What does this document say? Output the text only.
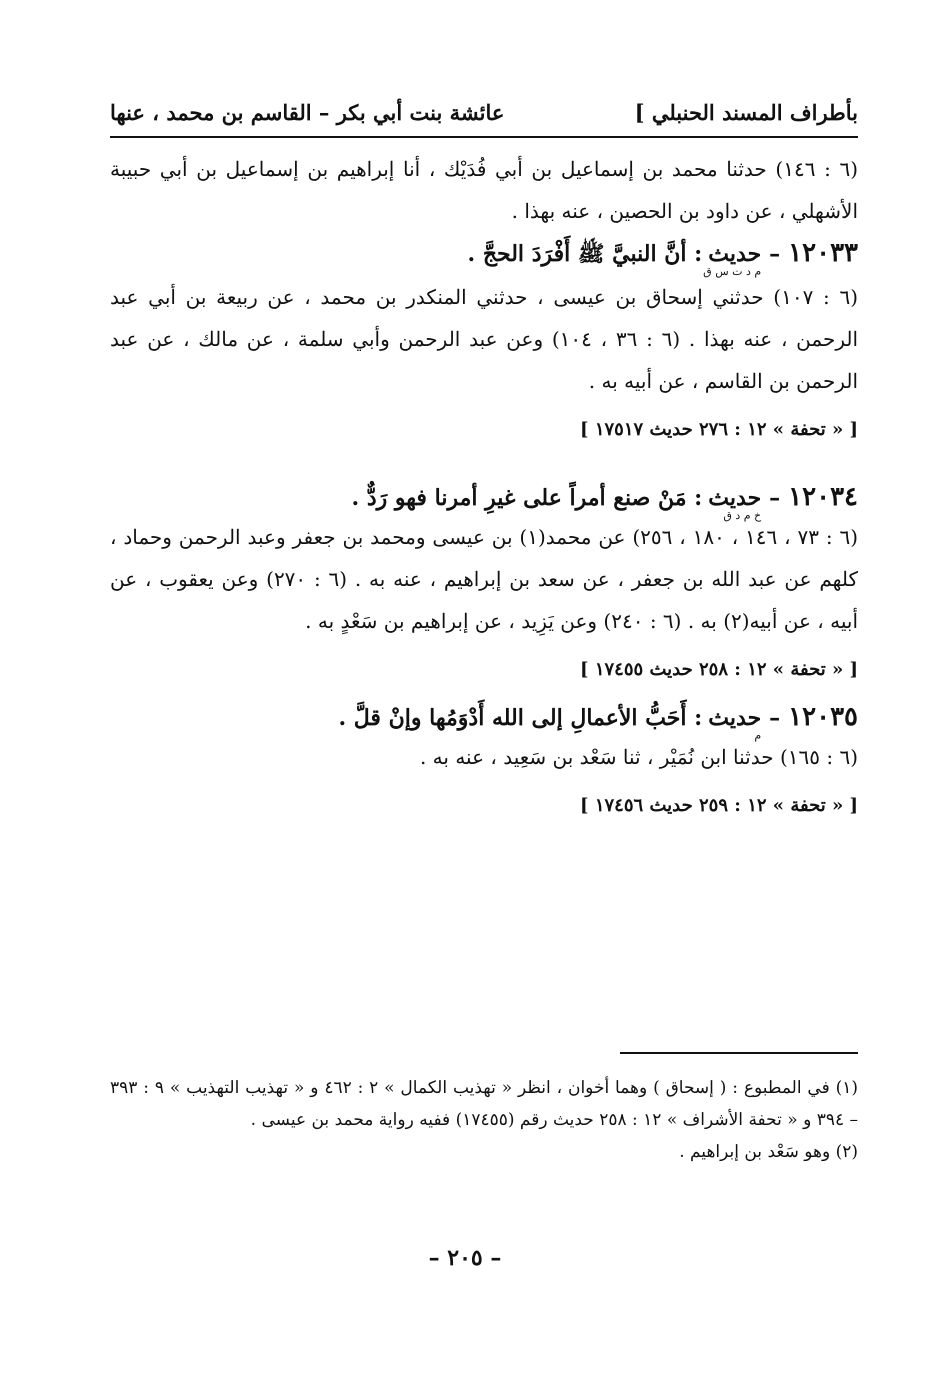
بأطراف المسند الحنبلي ]
عائشة بنت أبي بكر – القاسم بن محمد ، عنها

(٦ : ١٤٦) حدثنا محمد بن إسماعيل بن أبي فُدَيْك ، أنا إبراهيم بن إسماعيل بن أبي حبيبة الأشهلي ، عن داود بن الحصين ، عنه بهذا .

١٢٠٣٣
–
حديث
م د ت س ق
: أنَّ النبيَّ ﷺ أَفْرَدَ الحجَّ .

(٦ : ١٠٧) حدثني إسحاق بن عيسى ، حدثني المنكدر بن محمد ، عن ربيعة بن أبي عبد الرحمن ، عنه بهذا . (٦ : ٣٦ ، ١٠٤) وعن عبد الرحمن وأبي سلمة ، عن مالك ، عن عبد الرحمن بن القاسم ، عن أبيه به .

[ « تحفة » ١٢ : ٢٧٦ حديث ١٧٥١٧ ]
١٢٠٣٤
–
حديث
خ م د ق
: مَنْ صنع أمراً على غيرِ أمرنا فهو رَدٌّ .

(٦ : ٧٣ ، ١٤٦ ، ١٨٠ ، ٢٥٦) عن محمد(١) بن عيسى ومحمد بن جعفر وعبد الرحمن وحماد ، كلهم عن عبد الله بن جعفر ، عن سعد بن إبراهيم ، عنه به . (٦ : ٢٧٠) وعن يعقوب ، عن أبيه ، عن أبيه(٢) به . (٦ : ٢٤٠) وعن يَزِيد ، عن إبراهيم بن سَعْدٍ به .

[ « تحفة » ١٢ : ٢٥٨ حديث ١٧٤٥٥ ]
١٢٠٣٥
–
حديث
م
: أَحَبُّ الأعمالِ إلى الله أَدْوَمُها وإنْ قلَّ .

(٦ : ١٦٥) حدثنا ابن نُمَيْر ، ثنا سَعْد بن سَعِيد ، عنه به .

[ « تحفة » ١٢ : ٢٥٩ حديث ١٧٤٥٦ ]

(١) في المطبوع : ( إسحاق ) وهما أخوان ، انظر « تهذيب الكمال » ٢ : ٤٦٢ و « تهذيب التهذيب » ٩ : ٣٩٣ – ٣٩٤ و « تحفة الأشراف » ١٢ : ٢٥٨ حديث رقم (١٧٤٥٥) ففيه رواية محمد بن عيسى .

(٢) وهو سَعْد بن إبراهيم .

– ٢٠٥ –
